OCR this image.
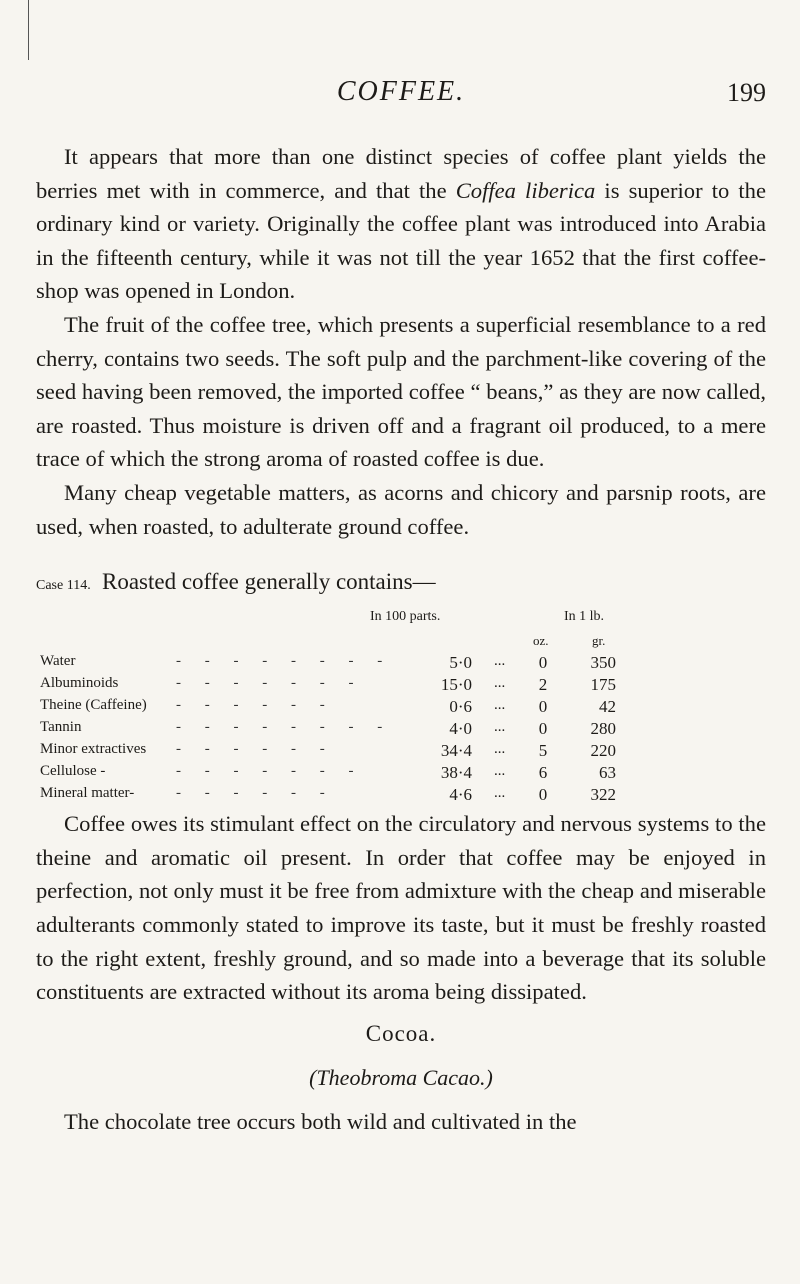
COFFEE.	199

It appears that more than one distinct species of coffee plant yields the berries met with in commerce, and that the Coffea liberica is superior to the ordinary kind or variety. Originally the coffee plant was introduced into Arabia in the fifteenth century, while it was not till the year 1652 that the first coffee-shop was opened in London.

The fruit of the coffee tree, which presents a superficial resemblance to a red cherry, contains two seeds. The soft pulp and the parchment-like covering of the seed having been removed, the imported coffee “ beans,” as they are now called, are roasted. Thus moisture is driven off and a fragrant oil produced, to a mere trace of which the strong aroma of roasted coffee is due.

Many cheap vegetable matters, as acorns and chicory and parsnip roots, are used, when roasted, to adulterate ground coffee.

Case 114. Roasted coffee generally contains—
In 100 parts.	In 1 lb.
oz.	gr.
Water	- - - - - - - -	5·0 ...	0	350
Albuminoids	- - - - - - -	15·0 ...	2	175
Theine (Caffeine) - - - - - -	0·6 ...	0	42
Tannin	- - - - - - - -	4·0 ...	0	280
Minor extractives - - - - - -	34·4 ...	5	220
Cellulose -	- - - - - - -	38·4 ...	6	63
Mineral matter-	- - - - - -	4·6 ...	0	322

Coffee owes its stimulant effect on the circulatory and nervous systems to the theine and aromatic oil present. In order that coffee may be enjoyed in perfection, not only must it be free from admixture with the cheap and miserable adulterants commonly stated to improve its taste, but it must be freshly roasted to the right extent, freshly ground, and so made into a beverage that its soluble constituents are extracted without its aroma being dissipated.

Cocoa.
(Theobroma Cacao.)

The chocolate tree occurs both wild and cultivated in the
